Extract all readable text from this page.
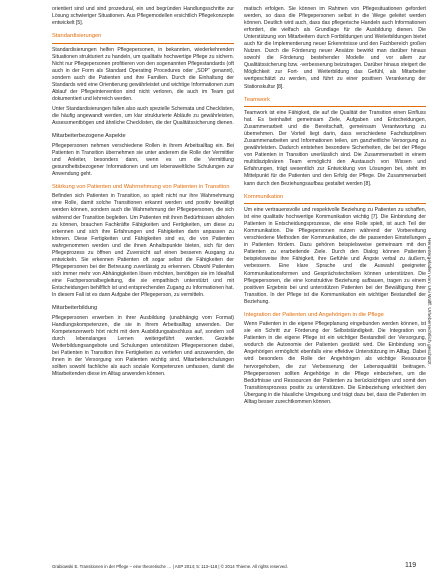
orientiert sind und sind prozedural, ein und begründen Handlungsschritte zur Lösung schwieriger Situationen. Aus Pflegemodellen ersichtlich Pflegekonzepte entwickelt [5].

Standardisierungen

Standardisierungen helfen Pflegepersonen, in bekannten, wiederkehrenden Situationen strukturiert zu handeln, um qualitativ hochwertige Pflege zu sichern. Nicht nur Pflegepersonen profitieren von den sogenannten Pflegestandards (oft auch in der Form als Standard Operating Procedures oder „SOP“ genannt), sondern auch die Patienten und ihre Familien. Durch die Einhaltung der Standards wird eine Orientierung gewährleistet und wichtige Informationen zum Ablauf der Pflegeintervention sind nicht verloren, die auch im Team gut dokumentiert und lehrreich werden.

Unter Standardisierungen fallen also auch spezielle Schemata und Checklisten, die häufig angewandt werden, um klar strukturierte Abläufe zu gewährleisten, Assessmentbögen und ähnliche Checklisten, die der Qualitätssicherung dienen.

Mitarbeiterbezogene Aspekte

Pflegepersonen nehmen verschiedene Rollen in ihrem Arbeitsalltag ein. Bei Patienten in Transition übernehmen sie unter anderem die Rolle der Vermittler und Anleiter, besonders dann, wenn es um die Vermittlung gesundheitsbezogener Informationen und um lebensweltliche Schulungen zur Anwendung geht.

Stärkung von Patienten und Wahrnehmung von Patienten in Transition

Befinden sich Patienten in Transition, so spielt nicht nur ihre Wahrnehmung eine Rolle, damit solche Transitionen erkannt werden und positiv bewältigt werden können, sondern auch die Wahrnehmung der Pflegepersonen, die sich während der Transition begleiten. Um Patienten mit ihren Bedürfnissen abholen zu können, brauchen Fachkräfte Fähigkeiten und Fertigkeiten, um diese zu erkennen und sich ihre Erfahrungen und Fähigkeiten darin anpassen zu können. Diese Fertigkeiten und Fähigkeiten sind es, die von Patienten wahrgenommen werden und die ihnen Anhaltspunkte bieten, sich für den Pflegeprozess zu öffnen und Zuversicht auf einen besseren Ausgang zu entwickeln. Sie erkennen Patienten oft sogar selbst die Fähigkeiten der Pflegepersonen bei der Betreuung zuverlässig zu erkennen. Obwohl Patienten sich immer mehr von Abhängigkeiten lösen möchten, benötigen sie im Idealfall eine Fachpersonalbegleitung, die sie empathisch unterstützt und mit Entscheidungen behilflich ist und entsprechenden Zugang zu Informationen hat. In diesem Fall ist es dann Aufgabe der Pflegeperson, zu vermitteln.

Mitarbeiterbildung

Pflegepersonen erwerben in ihrer Ausbildung (unabhängig vom Format) Handlungskompetenzen, die sie in ihrem Arbeitsalltag anwenden. Der Kompetenzerwerb hört nicht mit dem Ausbildungsabschluss auf, sondern soll durch lebenslanges Lernen weitergeführt werden. Gezielte Weiterbildungsangebote und Schulungen unterstützen Pflegepersonen dabei, bei Patienten in Transition ihre Fertigkeiten zu vertiefen und anzuwenden, die ihnen in der Versorgung von Patienten wichtig sind. Mitarbeiterschulungen sollten sowohl fachliche als auch soziale Kompetenzen umfassen, damit die Mitarbeitenden diese im Alltag anwenden können.

matisch erfolgen. Sie können im Rahmen von Pflegesituationen gefordert werden, so dass die Pflegepersonen selbst in die Wege geleitet werden können. Deutlich wird auch, dass das pflegerische Handeln auch Informationen erfordert, die vielfach als Grundlage für die Ausbildung dienen. Die Unterstützung von Mitarbeitern durch Fortbildungen und Weiterbildungen bietet auch für die Implementierung neuer Erkenntnisse und den Fachbereich großen Nutzen. Durch die Förderung neuer Ansätze bewirkt man darüber hinaus sowohl die Förderung bestehender Modelle und vor allem zur Qualitätssicherung bzw. -verbesserung beizutragen. Darüber hinaus steigert die Möglichkeit zur Fort- und Weiterbildung das Gefühl, als Mitarbeiter wertgeschätzt zu werden, und führt zu einer positiven Verankerung der Stationskultur [8].

Teamwork

Teamwork ist eine Fähigkeit, die auf die Qualität der Transition einen Einfluss hat. Es beinhaltet gemeinsam Ziele, Aufgaben und Entscheidungen, Zusammenarbeit und die Bereitschaft, gemeinsam Verantwortung zu übernehmen. Der Vorteil liegt darin, dass verschiedene Fachdisziplinen Zusammenarbeiten und Informationen teilen, um ganzheitliche Versorgung zu gewährleisten. Dadurch entstehen besondere Sicherheiten, die bei der Pflege von Patienten in Transition unerlässlich sind. Die Zusammenarbeit in einem multidisziplinären Team ermöglicht den Austausch von Wissen und Erfahrungen, trägt wesentlich zur Entwicklung von Lösungen bei, steht im Mittelpunkt für die Patienten und den Erfolg der Pflege. Die Zusammenarbeit kann durch den Beziehungsaufbau gestaltet werden [8].

Kommunikation

Um eine vertrauensvolle und respektvolle Beziehung zu Patienten zu schaffen, ist eine qualitativ hochwertige Kommunikation wichtig [7]. Die Einbindung der Patienten in Entscheidungsprozesse, die eine Rolle spielt, ist auch Teil der Kommunikation. Die Pflegepersonen nutzen während der Vorbereitung verschiedene Methoden der Kommunikation, die die passenden Einstellungen in Patienten fördern. Dazu gehören beispielsweise gemeinsam mit den Patienten zu erarbeitende Ziele. Durch den Dialog können Patienten beispielsweise ihre Fähigkeit, ihre Gefühle und Ängste verbal zu äußern, verbessern. Eine klare Sprache und die Auswahl geeigneter Kommunikationsformen und Gesprächstechniken können unterstützen. Die Pflegepersonen, die eine konstruktive Beziehung aufbauen, tragen zu einem positiven Ergebnis bei und unterstützen Patienten bei der Bewältigung ihrer Transition. In der Pflege ist die Kommunikation ein wichtiger Bestandteil der Beziehung.

Integration der Patienten und Angehörigen in die Pflege

Wenn Patienten in die eigene Pflegeplanung eingebunden werden können, ist sie ein Schritt zur Förderung der Selbstständigkeit. Die Integration von Patienten in die eigene Pflege ist ein wichtiger Bestandteil der Versorgung, wodurch die Autonomie der Patienten gestärkt wird. Die Einbindung von Angehörigen ermöglicht ebenfalls eine effektive Unterstützung im Alltag. Dabei wird besonders die Rolle der Angehörigen als wichtige Ressource hervorgehoben, die zur Verbesserung der Lebensqualität beitragen. Pflegepersonen sollten Angehörige in die Pflege einbeziehen, um die Bedürfnisse und Ressourcen der Patienten zu berücksichtigen und somit den Transitionsprozess positiv zu unterstützen. Die Einbeziehung erleichtert den Übergang in die häusliche Umgebung und trägt dazu bei, dass die Patienten im Alltag besser zurechtkommen können.

Heruntergeladen von: Uni Wolff. Urheberrechtlich geschützt.
Grabiowski E. Transitionen in der Pflege – eine theoretische … | ASP 2014; 5: 113–118 | © 2014 Thieme. All rights reserved.	119
